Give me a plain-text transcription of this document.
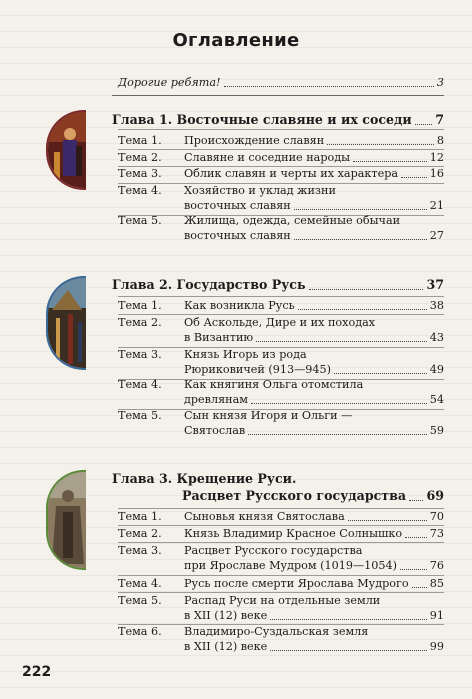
Оглавление
Дорогие ребята!	3
Глава 1. Восточные славяне и их соседи 7
Тема 1.	Происхождение славян	8
Тема 2.	Славяне и соседние народы	12
Тема 3.	Облик славян и черты их характера	16
Тема 4.	Хозяйство и уклад жизни
восточных славян	21
Тема 5.	Жилища, одежда, семейные обычаи
восточных славян	27
Глава 2. Государство Русь	37
Тема 1.	Как возникла Русь	38
Тема 2.	Об Аскольде, Дире и их походах
в Византию	43
Тема 3.	Князь Игорь из рода
Рюриковичей (913—945)	49
Тема 4.	Как княгиня Ольга отомстила
древлянам	54
Тема 5.	Сын князя Игоря и Ольги —
Святослав	59
Глава 3. Крещение Руси.
Расцвет Русского государства 69
Тема 1.	Сыновья князя Святослава	70
Тема 2.	Князь Владимир Красное Солнышко 73
Тема 3.	Расцвет Русского государства
при Ярославе Мудром (1019—1054)	76
Тема 4.	Русь после смерти Ярослава Мудрого 85
Тема 5.	Распад Руси на отдельные земли
в XII (12) веке	91
Тема 6.	Владимиро-Суздальская земля
в XII (12) веке	99
222
